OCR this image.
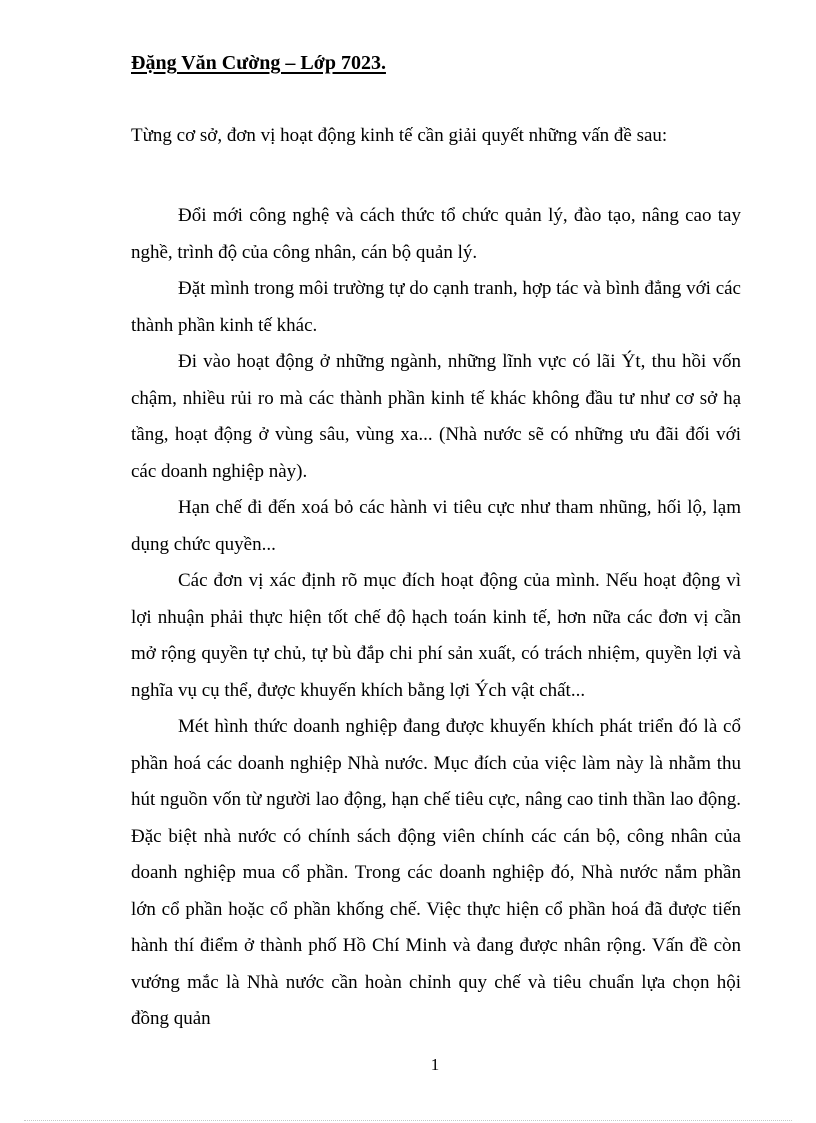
Đặng Văn Cường – Lớp 7023.
Từng cơ sở, đơn vị hoạt động kinh tế cần giải quyết những vấn đề sau:

Đổi mới công nghệ và cách thức tổ chức quản lý, đào tạo, nâng cao tay nghề, trình độ của công nhân, cán bộ quản lý.

Đặt mình trong môi trường tự do cạnh tranh, hợp tác và bình đẳng với các thành phần kinh tế khác.

Đi vào hoạt động ở những ngành, những lĩnh vực có lãi Ýt, thu hồi vốn chậm, nhiều rủi ro mà các thành phần kinh tế khác không đầu tư như cơ sở hạ tầng, hoạt động ở vùng sâu, vùng xa... (Nhà nước sẽ có những ưu đãi đối với các doanh nghiệp này).

Hạn chế đi đến xoá bỏ các hành vi tiêu cực như tham nhũng, hối lộ, lạm dụng chức quyền...

Các đơn vị xác định rõ mục đích hoạt động của mình. Nếu hoạt động vì lợi nhuận phải thực hiện tốt chế độ hạch toán kinh tế, hơn nữa các đơn vị cần mở rộng quyền tự chủ, tự bù đắp chi phí sản xuất, có trách nhiệm, quyền lợi và nghĩa vụ cụ thể, được khuyến khích bằng lợi Ých vật chất...

Mét hình thức doanh nghiệp đang được khuyến khích phát triển đó là cổ phần hoá các doanh nghiệp Nhà nước. Mục đích của việc làm này là nhằm thu hút nguồn vốn từ người lao động, hạn chế tiêu cực, nâng cao tinh thần lao động. Đặc biệt nhà nước có chính sách động viên chính các cán bộ, công nhân của doanh nghiệp mua cổ phần. Trong các doanh nghiệp đó, Nhà nước nắm phần lớn cổ phần hoặc cổ phần khống chế. Việc thực hiện cổ phần hoá đã được tiến hành thí điểm ở thành phố Hồ Chí Minh và đang được nhân rộng. Vấn đề còn vướng mắc là Nhà nước cần hoàn chỉnh quy chế và tiêu chuẩn lựa chọn hội đồng quản

1
